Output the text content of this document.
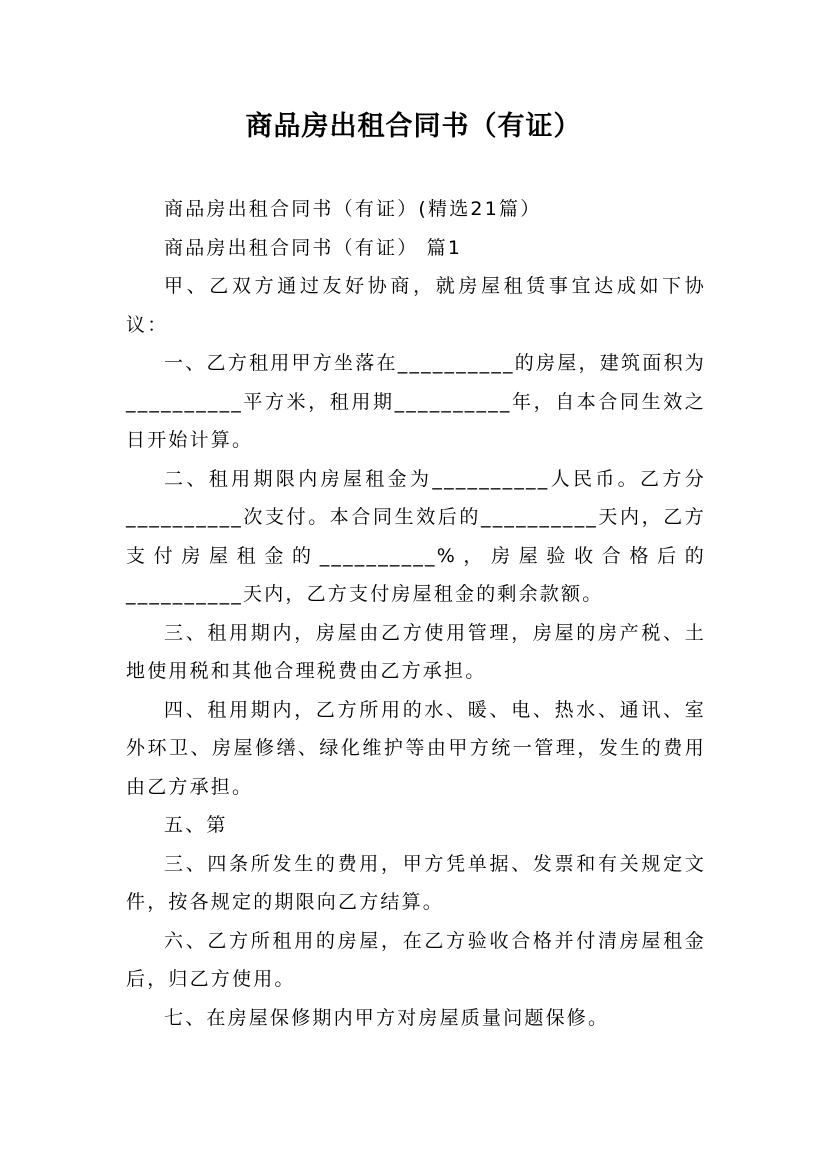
商品房出租合同书（有证）

商品房出租合同书（有证）(精选21篇）

商品房出租合同书（有证） 篇1

甲、乙双方通过友好协商，就房屋租赁事宜达成如下协议：

一、乙方租用甲方坐落在__________的房屋，建筑面积为__________平方米，租用期__________年，自本合同生效之日开始计算。

二、租用期限内房屋租金为__________人民币。乙方分__________次支付。本合同生效后的__________天内，乙方支付房屋租金的__________%，房屋验收合格后的__________天内，乙方支付房屋租金的剩余款额。

三、租用期内，房屋由乙方使用管理，房屋的房产税、土地使用税和其他合理税费由乙方承担。

四、租用期内，乙方所用的水、暖、电、热水、通讯、室外环卫、房屋修缮、绿化维护等由甲方统一管理，发生的费用由乙方承担。

五、第

三、四条所发生的费用，甲方凭单据、发票和有关规定文件，按各规定的期限向乙方结算。

六、乙方所租用的房屋，在乙方验收合格并付清房屋租金后，归乙方使用。

七、在房屋保修期内甲方对房屋质量问题保修。
